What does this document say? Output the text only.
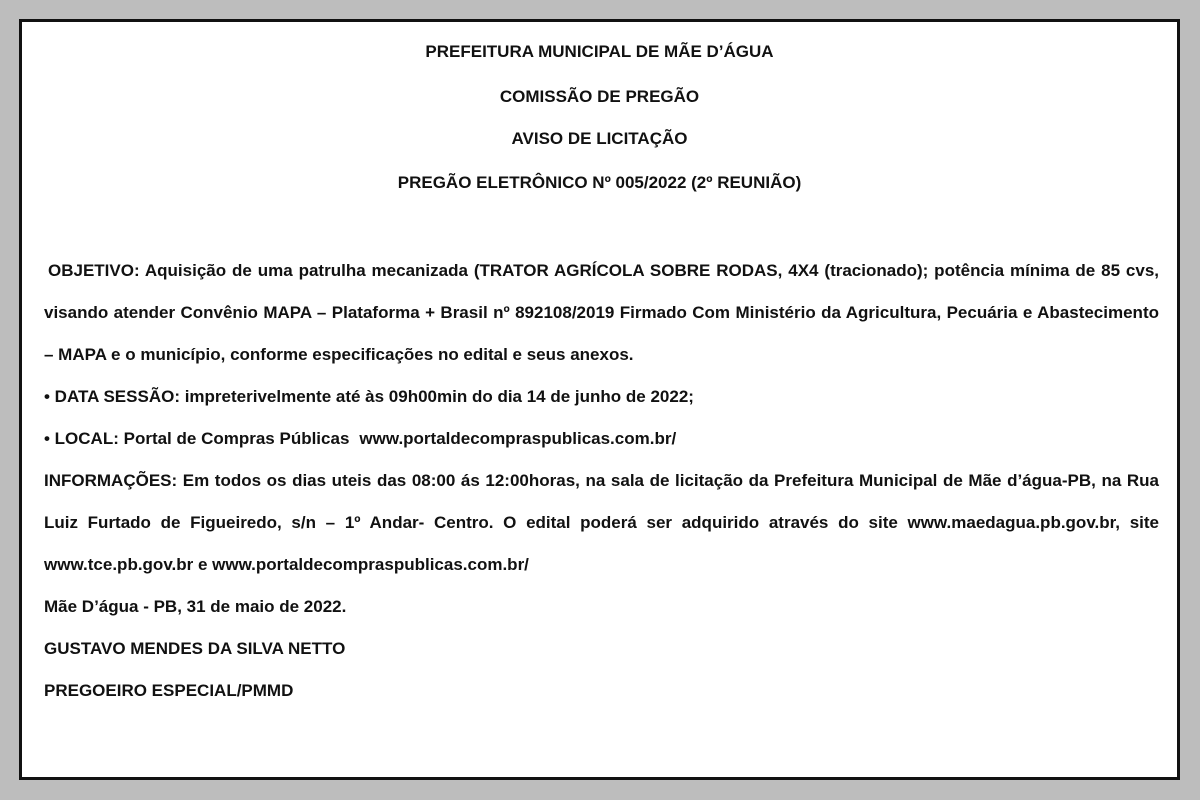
PREFEITURA MUNICIPAL DE MÃE D’ÁGUA
COMISSÃO DE PREGÃO
AVISO DE LICITAÇÃO
PREGÃO ELETRÔNICO Nº 005/2022 (2º REUNIÃO)

OBJETIVO: Aquisição de uma patrulha mecanizada (TRATOR AGRÍCOLA SOBRE RODAS, 4X4 (tracionado); potência mínima de 85 cvs, visando atender Convênio MAPA – Plataforma + Brasil nº 892108/2019 Firmado Com Ministério da Agricultura, Pecuária e Abastecimento – MAPA e o município, conforme especificações no edital e seus anexos.

• DATA SESSÃO: impreterivelmente até às 09h00min do dia 14 de junho de 2022;

• LOCAL: Portal de Compras Públicas www.portaldecompraspublicas.com.br/

INFORMAÇÕES: Em todos os dias uteis das 08:00 ás 12:00horas, na sala de licitação da Prefeitura Municipal de Mãe d’água-PB, na Rua Luiz Furtado de Figueiredo, s/n – 1º Andar- Centro. O edital poderá ser adquirido através do site www.maedagua.pb.gov.br, site www.tce.pb.gov.br e www.portaldecompraspublicas.com.br/

Mãe D’água - PB, 31 de maio de 2022.

GUSTAVO MENDES DA SILVA NETTO

PREGOEIRO ESPECIAL/PMMD
